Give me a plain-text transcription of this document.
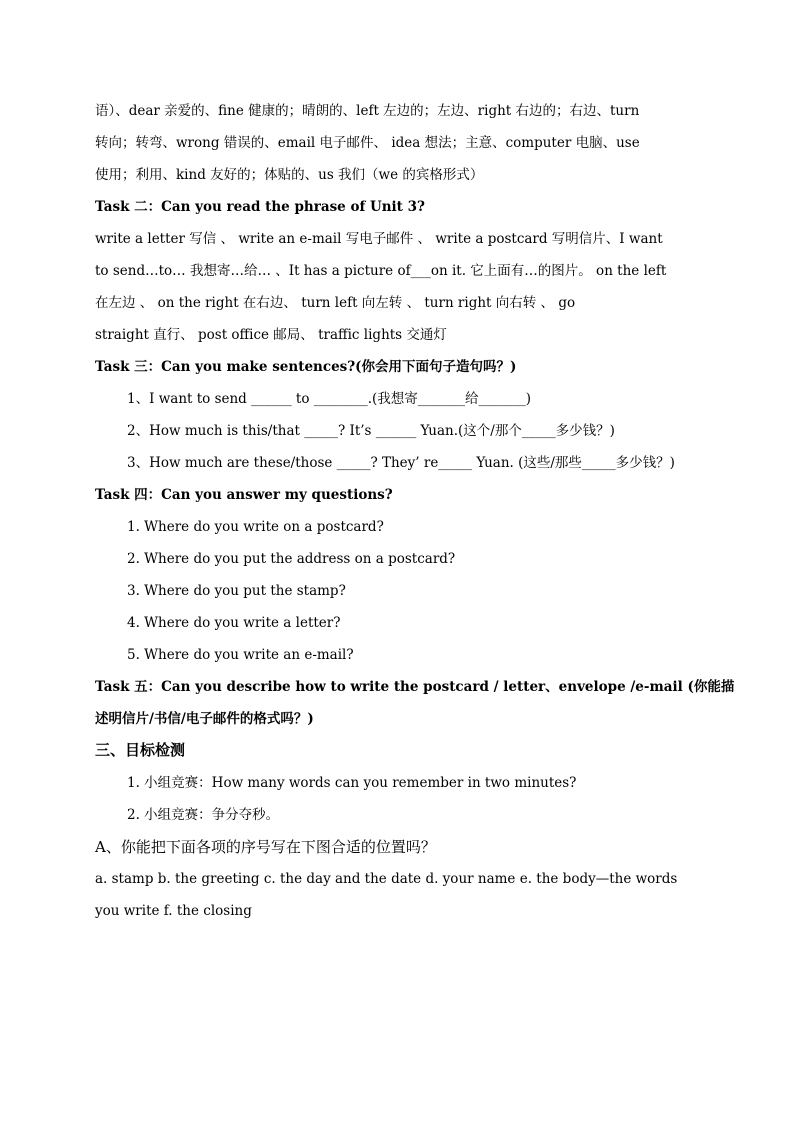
语）、dear 亲爱的、fine 健康的；晴朗的、left 左边的；左边、right 右边的；右边、turn
转向；转弯、wrong 错误的、email 电子邮件、 idea 想法；主意、computer 电脑、use
使用；利用、kind 友好的；体贴的、us 我们（we 的宾格形式）
Task 二：Can you read the phrase of Unit 3?
write a letter 写信 、 write an e-mail 写电子邮件 、 write a postcard 写明信片、I want
to send…to… 我想寄…给… 、It has a picture of___on it. 它上面有…的图片。 on the left
在左边 、 on the right 在右边、 turn left 向左转 、 turn right 向右转 、 go
straight 直行、 post office 邮局、 traffic lights 交通灯
Task 三：Can you make sentences?(你会用下面句子造句吗？)
1、I want to send ______ to ________.(我想寄_______给_______)
2、How much is this/that _____? It’s ______ Yuan.(这个/那个_____多少钱？)
3、How much are these/those _____? They’ re_____ Yuan. (这些/那些_____多少钱？)
Task 四：Can you answer my questions?
1. Where do you write on a postcard?
2. Where do you put the address on a postcard?
3. Where do you put the stamp?
4. Where do you write a letter?
5. Where do you write an e-mail?
Task 五：Can you describe how to write the postcard / letter、envelope /e-mail (你能描
述明信片/书信/电子邮件的格式吗？)
三、目标检测
1. 小组竞赛：How many words can you remember in two minutes?
2. 小组竞赛：争分夺秒。
A、你能把下面各项的序号写在下图合适的位置吗？
a. stamp b. the greeting c. the day and the date d. your name e. the body—the words
you write f. the closing
